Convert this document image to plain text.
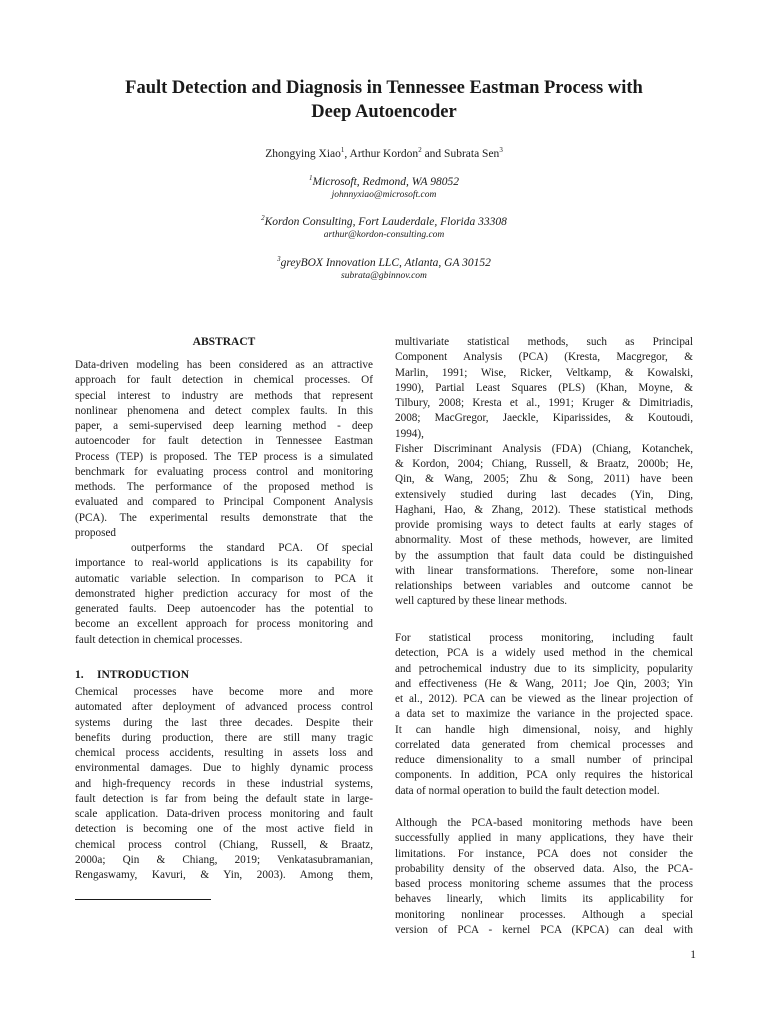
Fault Detection and Diagnosis in Tennessee Eastman Process with
Deep Autoencoder
Zhongying Xiao$^1$, Arthur Kordon$^2$ and Subrata Sen$^3$
$^1$Microsoft, Redmond, WA 98052
johnnyxiao@microsoft.com
$^2$Kordon Consulting, Fort Lauderdale, Florida 33308
arthur@kordon-consulting.com
$^3$greyBOX Innovation LLC, Atlanta, GA 30152
subrata@gbinnov.com
ABSTRACT
Data-driven modeling has been considered as an attractive
approach for fault detection in chemical processes. Of
special interest to industry are methods that represent
nonlinear phenomena and detect complex faults. In this
paper, a semi-supervised deep learning method - deep
autoencoder for fault detection in Tennessee Eastman
Process (TEP) is proposed. The TEP process is a simulated
benchmark for evaluating process control and monitoring
methods. The performance of the proposed method is
evaluated and compared to Principal Component Analysis
(PCA). The experimental results demonstrate that the
proposed
outperforms the standard PCA. Of special
importance to real-world applications is its capability for
automatic variable selection. In comparison to PCA it
demonstrated higher prediction accuracy for most of the
generated faults. Deep autoencoder has the potential to
become an excellent approach for process monitoring and
fault detection in chemical processes.
1. INTRODUCTION
Chemical processes have become more and more
automated after deployment of advanced process control
systems during the last three decades. Despite their
benefits during production, there are still many tragic
chemical process accidents, resulting in assets loss and
environmental damages. Due to highly dynamic process
and high-frequency records in these industrial systems,
fault detection is far from being the default state in large-
scale application. Data-driven process monitoring and fault
detection is becoming one of the most active field in
chemical process control (Chiang, Russell, & Braatz,
2000a; Qin & Chiang, 2019; Venkatasubramanian,
Rengaswamy, Kavuri, & Yin, 2003). Among them,
multivariate statistical methods, such as Principal
Component Analysis (PCA) (Kresta, Macgregor, &
Marlin, 1991; Wise, Ricker, Veltkamp, & Kowalski,
1990), Partial Least Squares (PLS) (Khan, Moyne, &
Tilbury, 2008; Kresta et al., 1991; Kruger & Dimitriadis,
2008; MacGregor, Jaeckle, Kiparissides, & Koutoudi,
1994),
Fisher Discriminant Analysis (FDA) (Chiang, Kotanchek,
& Kordon, 2004; Chiang, Russell, & Braatz, 2000b; He,
Qin, & Wang, 2005; Zhu & Song, 2011) have been
extensively studied during last decades (Yin, Ding,
Haghani, Hao, & Zhang, 2012). These statistical methods
provide promising ways to detect faults at early stages of
abnormality. Most of these methods, however, are limited
by the assumption that fault data could be distinguished
with linear transformations. Therefore, some non-linear
relationships between variables and outcome cannot be
well captured by these linear methods.
For statistical process monitoring, including fault
detection, PCA is a widely used method in the chemical
and petrochemical industry due to its simplicity, popularity
and effectiveness (He & Wang, 2011; Joe Qin, 2003; Yin
et al., 2012). PCA can be viewed as the linear projection of
a data set to maximize the variance in the projected space.
It can handle high dimensional, noisy, and highly
correlated data generated from chemical processes and
reduce dimensionality to a small number of principal
components. In addition, PCA only requires the historical
data of normal operation to build the fault detection model.
Although the PCA-based monitoring methods have been
successfully applied in many applications, they have their
limitations. For instance, PCA does not consider the
probability density of the observed data. Also, the PCA-
based process monitoring scheme assumes that the process
behaves linearly, which limits its applicability for
monitoring nonlinear processes. Although a special
version of PCA - kernel PCA (KPCA) can deal with
1
